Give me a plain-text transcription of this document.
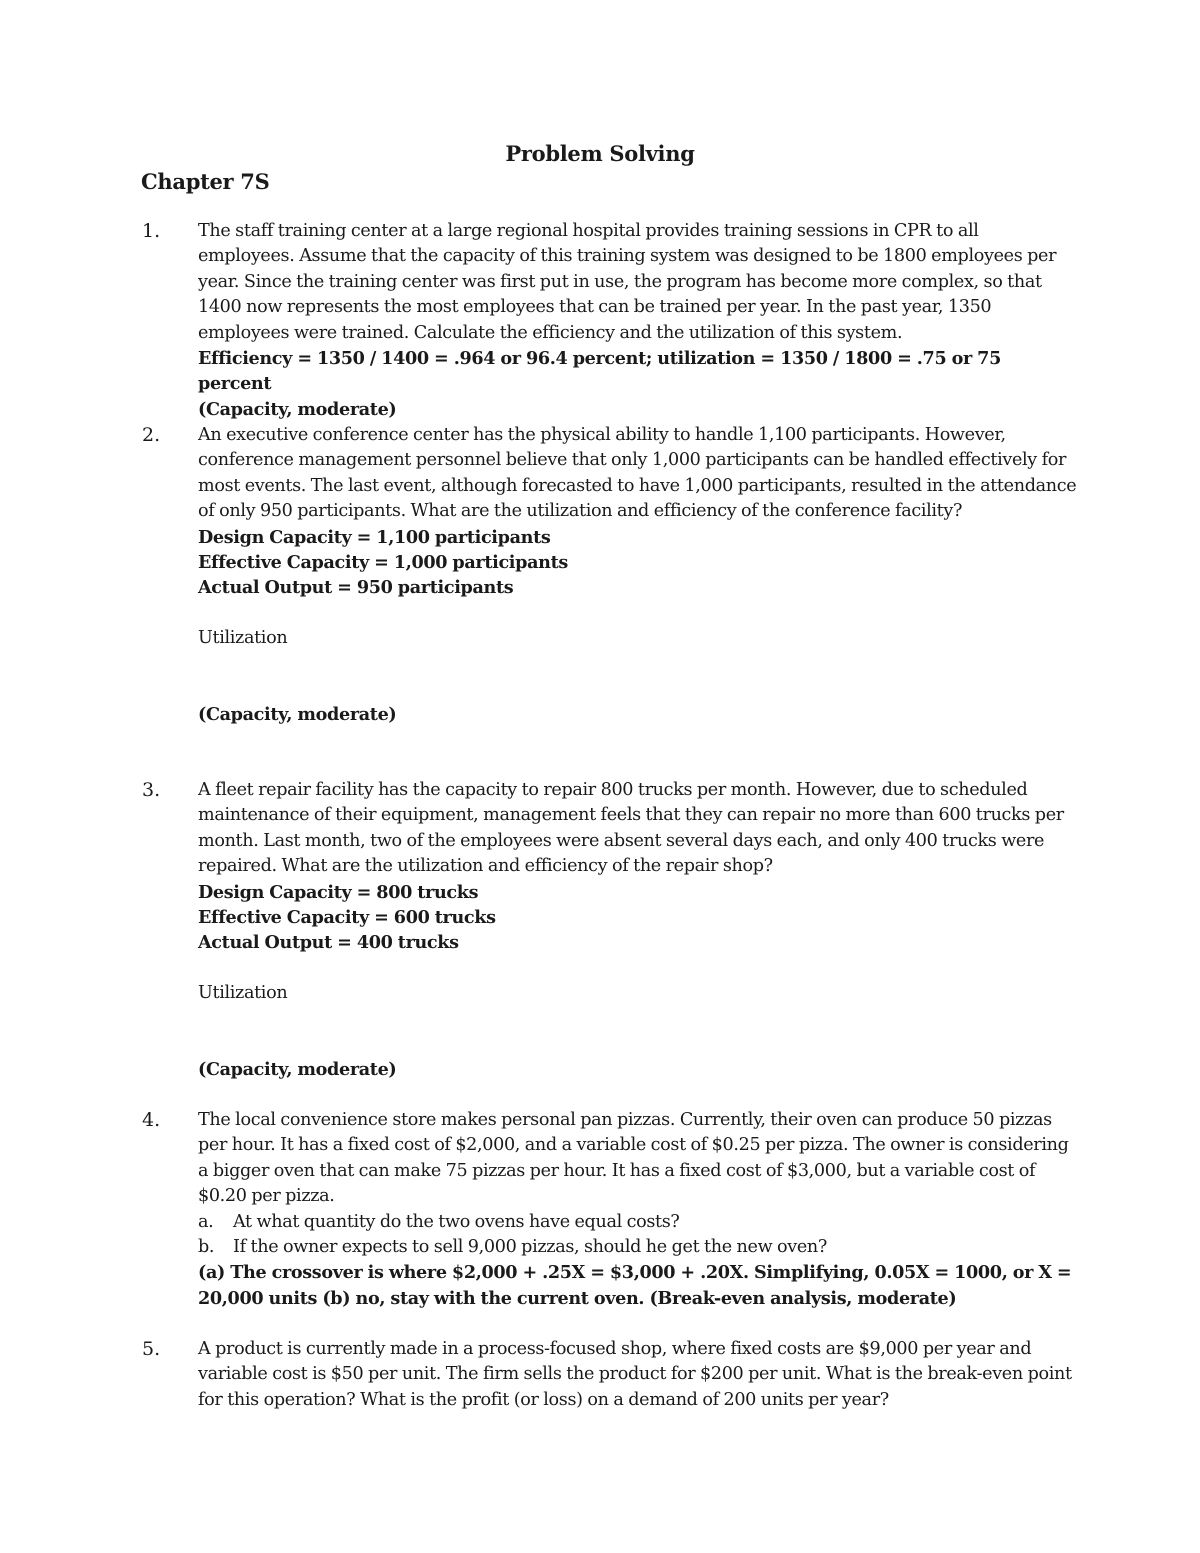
Problem Solving
Chapter 7S
1. The staff training center at a large regional hospital provides training sessions in CPR to all employees. Assume that the capacity of this training system was designed to be 1800 employees per year. Since the training center was first put in use, the program has become more complex, so that 1400 now represents the most employees that can be trained per year. In the past year, 1350 employees were trained. Calculate the efficiency and the utilization of this system.

Efficiency = 1350 / 1400 = .964 or 96.4 percent; utilization = 1350 / 1800 = .75 or 75 percent

(Capacity, moderate)

2. An executive conference center has the physical ability to handle 1,100 participants. However, conference management personnel believe that only 1,000 participants can be handled effectively for most events. The last event, although forecasted to have 1,000 participants, resulted in the attendance of only 950 participants. What are the utilization and efficiency of the conference facility?

Design Capacity = 1,100 participants

Effective Capacity = 1,000 participants

Actual Output = 950 participants

Utilization

(Capacity, moderate)

3. A fleet repair facility has the capacity to repair 800 trucks per month. However, due to scheduled maintenance of their equipment, management feels that they can repair no more than 600 trucks per month. Last month, two of the employees were absent several days each, and only 400 trucks were repaired. What are the utilization and efficiency of the repair shop?

Design Capacity = 800 trucks

Effective Capacity = 600 trucks

Actual Output = 400 trucks

Utilization

(Capacity, moderate)

4. The local convenience store makes personal pan pizzas. Currently, their oven can produce 50 pizzas per hour. It has a fixed cost of $2,000, and a variable cost of $0.25 per pizza. The owner is considering a bigger oven that can make 75 pizzas per hour. It has a fixed cost of $3,000, but a variable cost of $0.20 per pizza.

a.	At what quantity do the two ovens have equal costs?
b.	If the owner expects to sell 9,000 pizzas, should he get the new oven?

(a) The crossover is where $2,000 + .25X = $3,000 + .20X. Simplifying, 0.05X = 1000, or X = 20,000 units (b) no, stay with the current oven. (Break-even analysis, moderate)

5. A product is currently made in a process-focused shop, where fixed costs are $9,000 per year and variable cost is $50 per unit. The firm sells the product for $200 per unit. What is the break-even point for this operation? What is the profit (or loss) on a demand of 200 units per year?
